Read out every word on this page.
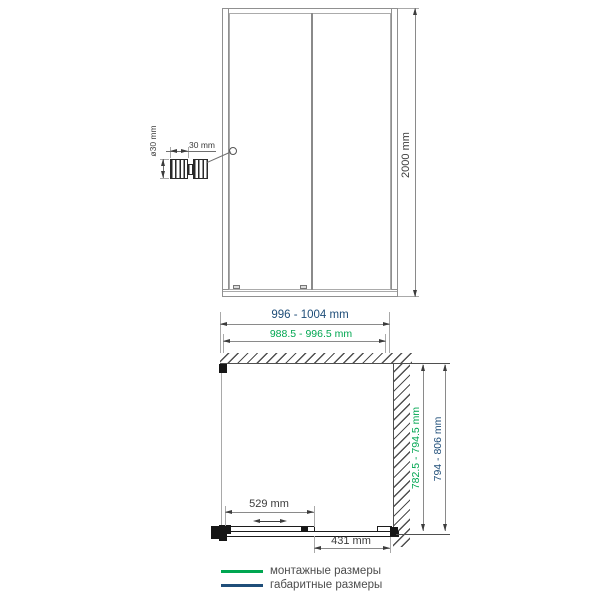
2000 mm
ø30 mm	30 mm
996 - 1004 mm
988.5 - 996.5 mm
529 mm
431 mm
782.5 - 794.5 mm 794 - 806 mm
монтажные размеры
габаритные размеры
